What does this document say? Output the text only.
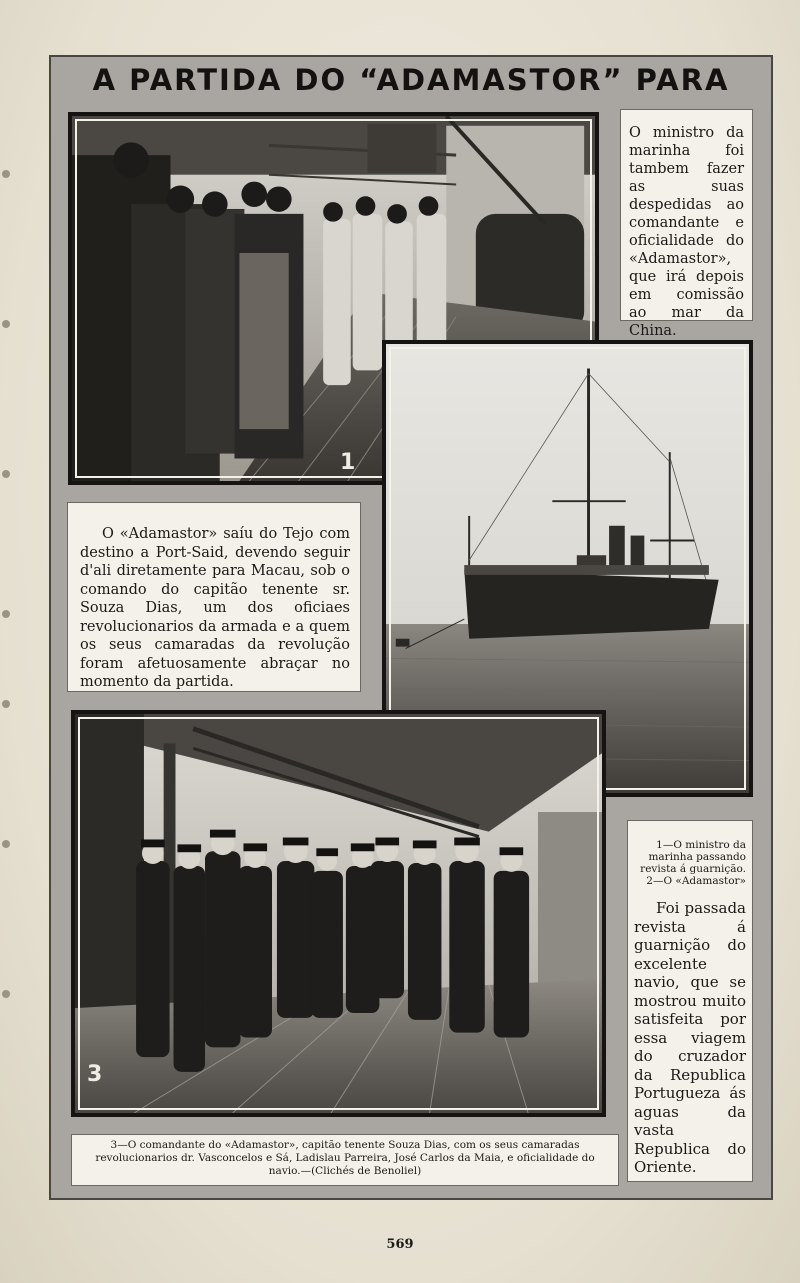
A PARTIDA DO “ADAMASTOR” PARA
1
3
O ministro da marinha foi tambem fazer as suas despedidas ao comandante e oficialidade do «Adamastor», que irá depois em comissão ao mar da China.
O «Adamastor» saíu do Tejo com destino a Port-Said, devendo seguir d'ali diretamente para Macau, sob o comando do capitão tenente sr. Souza Dias, um dos oficiaes revolucionarios da armada e a quem os seus camaradas da revolução foram afetuosamente abraçar no momento da partida.

1—O ministro da marinha passando revista á guarnição.
2—O «Adamastor»

Foi passada revista á guarnição do excelente navio, que se mostrou muito satisfeita por essa viagem do cruzador da Republica Portugueza ás aguas da vasta Republica do Oriente.

3—O comandante do «Adamastor», capitão tenente Souza Dias, com os seus camaradas revolucionarios dr. Vasconcelos e Sá, Ladislau Parreira, José Carlos da Maia, e oficialidade do navio.—(Clichés de Benoliel)
569
